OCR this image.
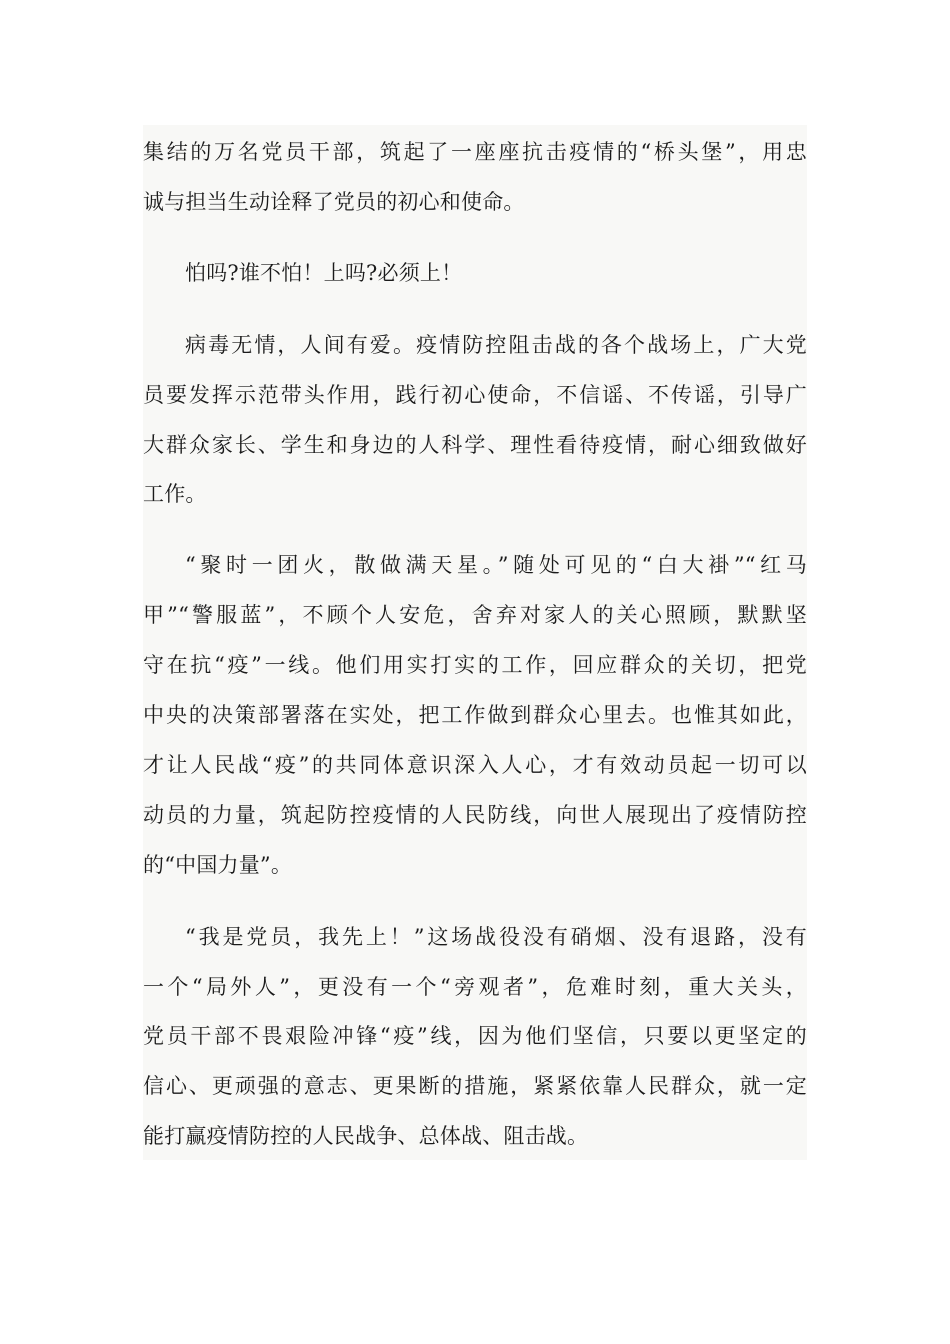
集结的万名党员干部，筑起了一座座抗击疫情的“桥头堡”，用忠
诚与担当生动诠释了党员的初心和使命。
怕吗?谁不怕！上吗?必须上！
病毒无情，人间有爱。疫情防控阻击战的各个战场上，广大党
员要发挥示范带头作用，践行初心使命，不信谣、不传谣，引导广
大群众家长、学生和身边的人科学、理性看待疫情，耐心细致做好
工作。
“聚时一团火，散做满天星。”随处可见的“白大褂”“红马
甲”“警服蓝”，不顾个人安危，舍弃对家人的关心照顾，默默坚
守在抗“疫”一线。他们用实打实的工作，回应群众的关切，把党
中央的决策部署落在实处，把工作做到群众心里去。也惟其如此，
才让人民战“疫”的共同体意识深入人心，才有效动员起一切可以
动员的力量，筑起防控疫情的人民防线，向世人展现出了疫情防控
的“中国力量”。
“我是党员，我先上！”这场战役没有硝烟、没有退路，没有
一个“局外人”，更没有一个“旁观者”，危难时刻，重大关头，
党员干部不畏艰险冲锋“疫”线，因为他们坚信，只要以更坚定的
信心、更顽强的意志、更果断的措施，紧紧依靠人民群众，就一定
能打赢疫情防控的人民战争、总体战、阻击战。
